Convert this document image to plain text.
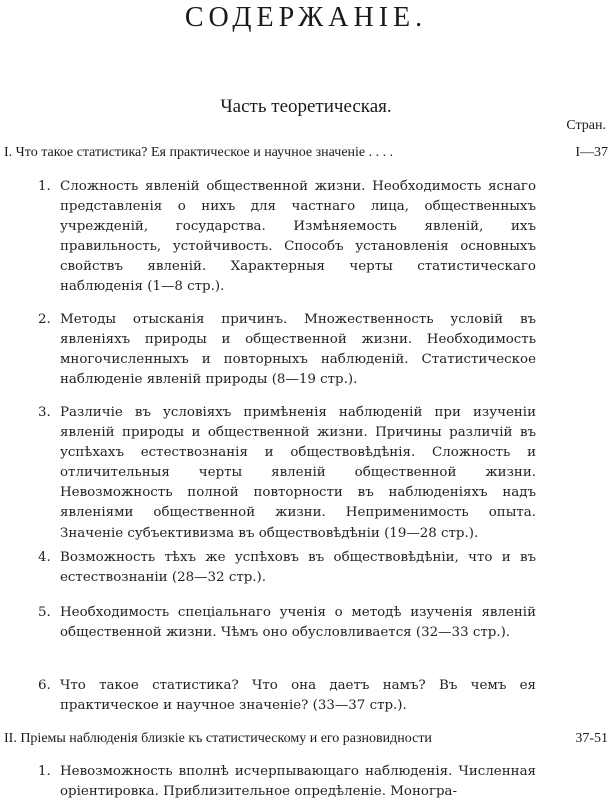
СОДЕРЖАНIЕ.
Часть теоретическая.
Стран.
I. Что такое статистика? Ея практическое и научное значенiе . . . .	I—37
1. Сложность явленiй общественной жизни. Необходимость яснаго представленiя о нихъ для частнаго лица, общественныхъ учрежденiй, государства. Измѣняемость явленiй, ихъ правильность, устойчивость. Способъ установленiя основныхъ свойствъ явленiй. Характерныя черты статистическаго наблюденiя (1—8 стр.).
2. Методы отысканiя причинъ. Множественность условiй въ явленiяхъ природы и общественной жизни. Необходимость многочисленныхъ и повторныхъ наблюденiй. Статистическое наблюденiе явленiй природы (8—19 стр.).
3. Различiе въ условiяхъ примѣненiя наблюденiй при изученiи явленiй природы и общественной жизни. Причины различiй въ успѣхахъ естествознанiя и обществовѣдѣнiя. Сложность и отличительныя черты явленiй общественной жизни. Невозможность полной повторности въ наблюденiяхъ надъ явленiями общественной жизни. Неприменимость опыта. Значенiе субъективизма въ обществовѣдѣнiи (19—28 стр.).
4. Возможность тѣхъ же успѣховъ въ обществовѣдѣнiи, что и въ естествознанiи (28—32 стр.).
5. Необходимость спецiальнаго ученiя о методѣ изученiя явленiй общественной жизни. Чѣмъ оно обусловливается (32—33 стр.).
6. Что такое статистика? Что она даетъ намъ? Въ чемъ ея практическое и научное значенiе? (33—37 стр.).
II. Прiемы наблюденiя близкiе къ статистическому и его разновидности	37-51
1. Невозможность вполнѣ исчерпывающаго наблюденiя. Численная орiентировка. Приблизительное опредѣленiе. Моногра-
